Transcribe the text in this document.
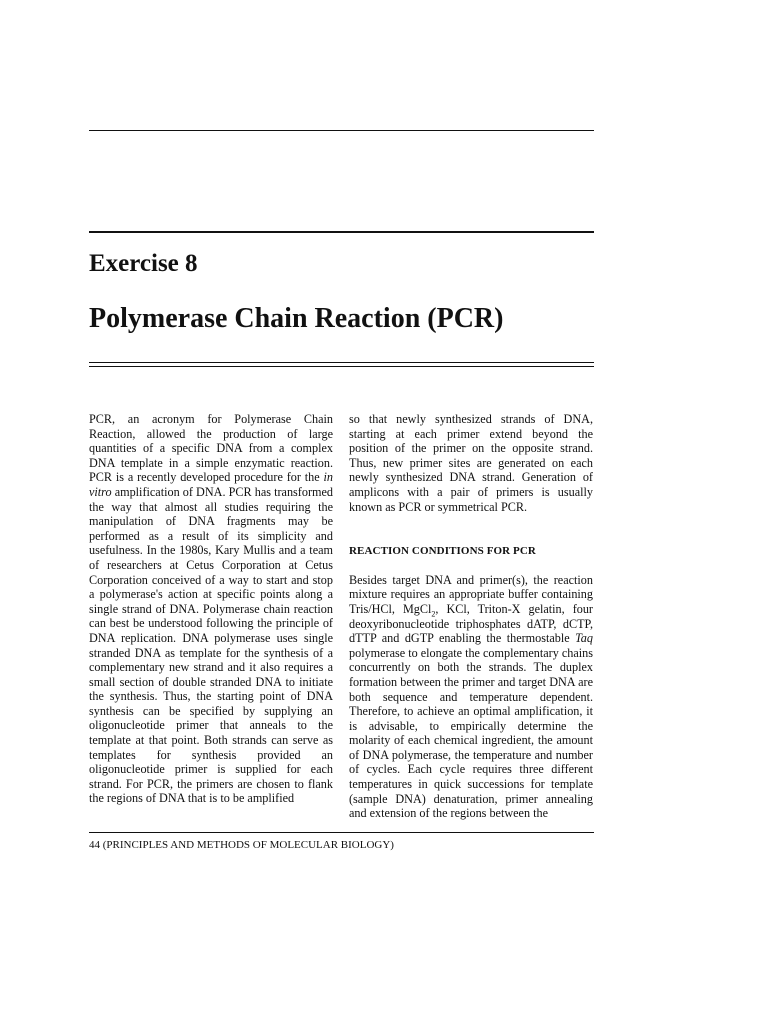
Exercise 8
Polymerase Chain Reaction (PCR)

PCR, an acronym for Polymerase Chain Reaction, allowed the production of large quantities of a specific DNA from a complex DNA template in a simple enzymatic reaction. PCR is a recently developed procedure for the in vitro amplification of DNA. PCR has transformed the way that almost all studies requiring the manipulation of DNA fragments may be performed as a result of its simplicity and usefulness. In the 1980s, Kary Mullis and a team of researchers at Cetus Corporation at Cetus Corporation conceived of a way to start and stop a polymerase's action at specific points along a single strand of DNA. Polymerase chain reaction can best be understood following the principle of DNA replication. DNA polymerase uses single stranded DNA as template for the synthesis of a complementary new strand and it also requires a small section of double stranded DNA to initiate the synthesis. Thus, the starting point of DNA synthesis can be specified by supplying an oligonucleotide primer that anneals to the template at that point. Both strands can serve as templates for synthesis provided an oligonucleotide primer is supplied for each strand. For PCR, the primers are chosen to flank the regions of DNA that is to be amplified

so that newly synthesized strands of DNA, starting at each primer extend beyond the position of the primer on the opposite strand. Thus, new primer sites are generated on each newly synthesized DNA strand. Generation of amplicons with a pair of primers is usually known as PCR or symmetrical PCR.

REACTION CONDITIONS FOR PCR

Besides target DNA and primer(s), the reaction mixture requires an appropriate buffer containing Tris/HCl, MgCl$_2$, KCl, Triton-X gelatin, four deoxyribonucleotide triphosphates dATP, dCTP, dTTP and dGTP enabling the thermostable Taq polymerase to elongate the complementary chains concurrently on both the strands. The duplex formation between the primer and target DNA are both sequence and temperature dependent. Therefore, to achieve an optimal amplification, it is advisable, to empirically determine the molarity of each chemical ingredient, the amount of DNA polymerase, the temperature and number of cycles. Each cycle requires three different temperatures in quick successions for template (sample DNA) denaturation, primer annealing and extension of the regions between the

44 (PRINCIPLES AND METHODS OF MOLECULAR BIOLOGY)
